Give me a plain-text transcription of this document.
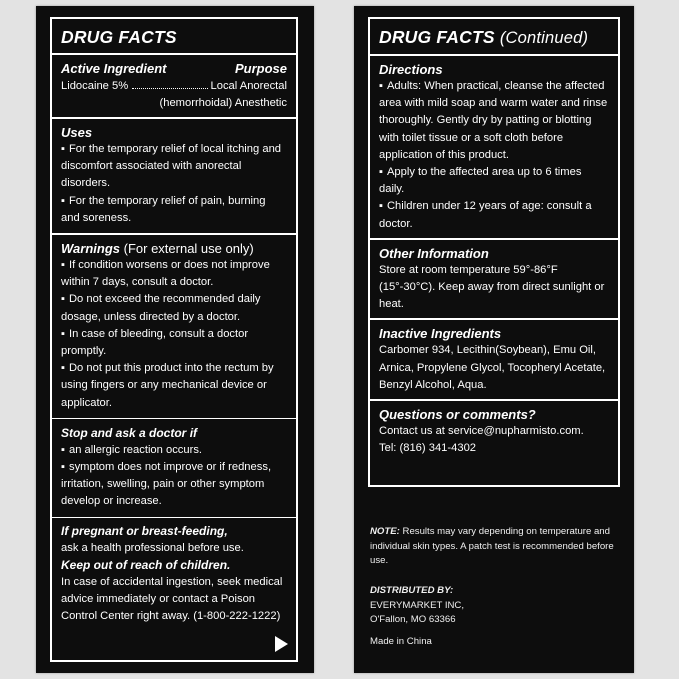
DRUG FACTS
Active Ingredient	Purpose
Lidocaine 5%	Local Anorectal
(hemorrhoidal) Anesthetic
Uses
▪ For the temporary relief of local itching and discomfort associated with anorectal disorders.
▪ For the temporary relief of pain, burning and soreness.
Warnings (For external use only)
▪ If condition worsens or does not improve within 7 days, consult a doctor.
▪ Do not exceed the recommended daily dosage, unless directed by a doctor.
▪ In case of bleeding, consult a doctor promptly.
▪ Do not put this product into the rectum by using fingers or any mechanical device or applicator.
Stop and ask a doctor if
▪ an allergic reaction occurs.
▪ symptom does not improve or if redness, irritation, swelling, pain or other symptom develop or increase.
If pregnant or breast-feeding,
ask a health professional before use.
Keep out of reach of children.
In case of accidental ingestion, seek medical advice immediately or contact a Poison Control Center right away. (1-800-222-1222)
DRUG FACTS (Continued)
Directions
▪ Adults: When practical, cleanse the affected area with mild soap and warm water and rinse thoroughly. Gently dry by patting or blotting with toilet tissue or a soft cloth before application of this product.
▪ Apply to the affected area up to 6 times daily.
▪ Children under 12 years of age: consult a doctor.
Other Information
Store at room temperature 59°-86°F (15°-30°C). Keep away from direct sunlight or heat.
Inactive Ingredients
Carbomer 934, Lecithin(Soybean), Emu Oil, Arnica, Propylene Glycol, Tocopheryl Acetate, Benzyl Alcohol, Aqua.
Questions or comments?
Contact us at service@nupharmisto.com.
Tel: (816) 341-4302
NOTE: Results may vary depending on temperature and individual skin types. A patch test is recommended before use.
DISTRIBUTED BY:
EVERYMARKET INC,
O'Fallon, MO 63366
Made in China
